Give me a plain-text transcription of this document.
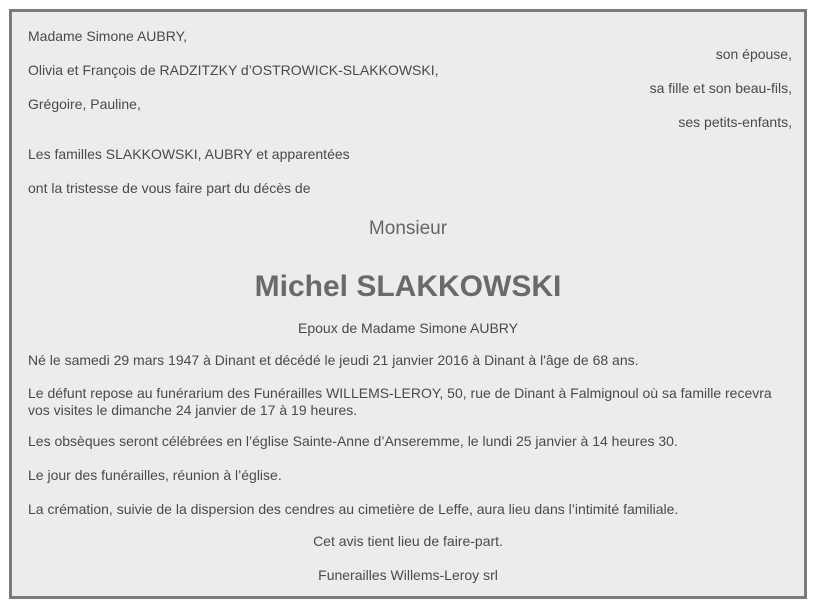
Madame Simone AUBRY,
son épouse,
Olivia et François de RADZITZKY d’OSTROWICK-SLAKKOWSKI,
sa fille et son beau-fils,
Grégoire, Pauline,
ses petits-enfants,
Les familles SLAKKOWSKI, AUBRY et apparentées
ont la tristesse de vous faire part du décès de
Monsieur
Michel SLAKKOWSKI
Epoux de Madame Simone AUBRY
Né le samedi 29 mars 1947 à Dinant et décédé le jeudi 21 janvier 2016 à Dinant à l'âge de 68 ans.
Le défunt repose au funérarium des Funérailles WILLEMS-LEROY, 50, rue de Dinant à Falmignoul où sa famille recevra vos visites le dimanche 24 janvier de 17 à 19 heures.
Les obsèques seront célébrées en l’église Sainte-Anne d’Anseremme, le lundi 25 janvier à 14 heures 30.
Le jour des funérailles, réunion à l’église.
La crémation, suivie de la dispersion des cendres au cimetière de Leffe, aura lieu dans l’intimité familiale.
Cet avis tient lieu de faire-part.
Funerailles Willems-Leroy srl
